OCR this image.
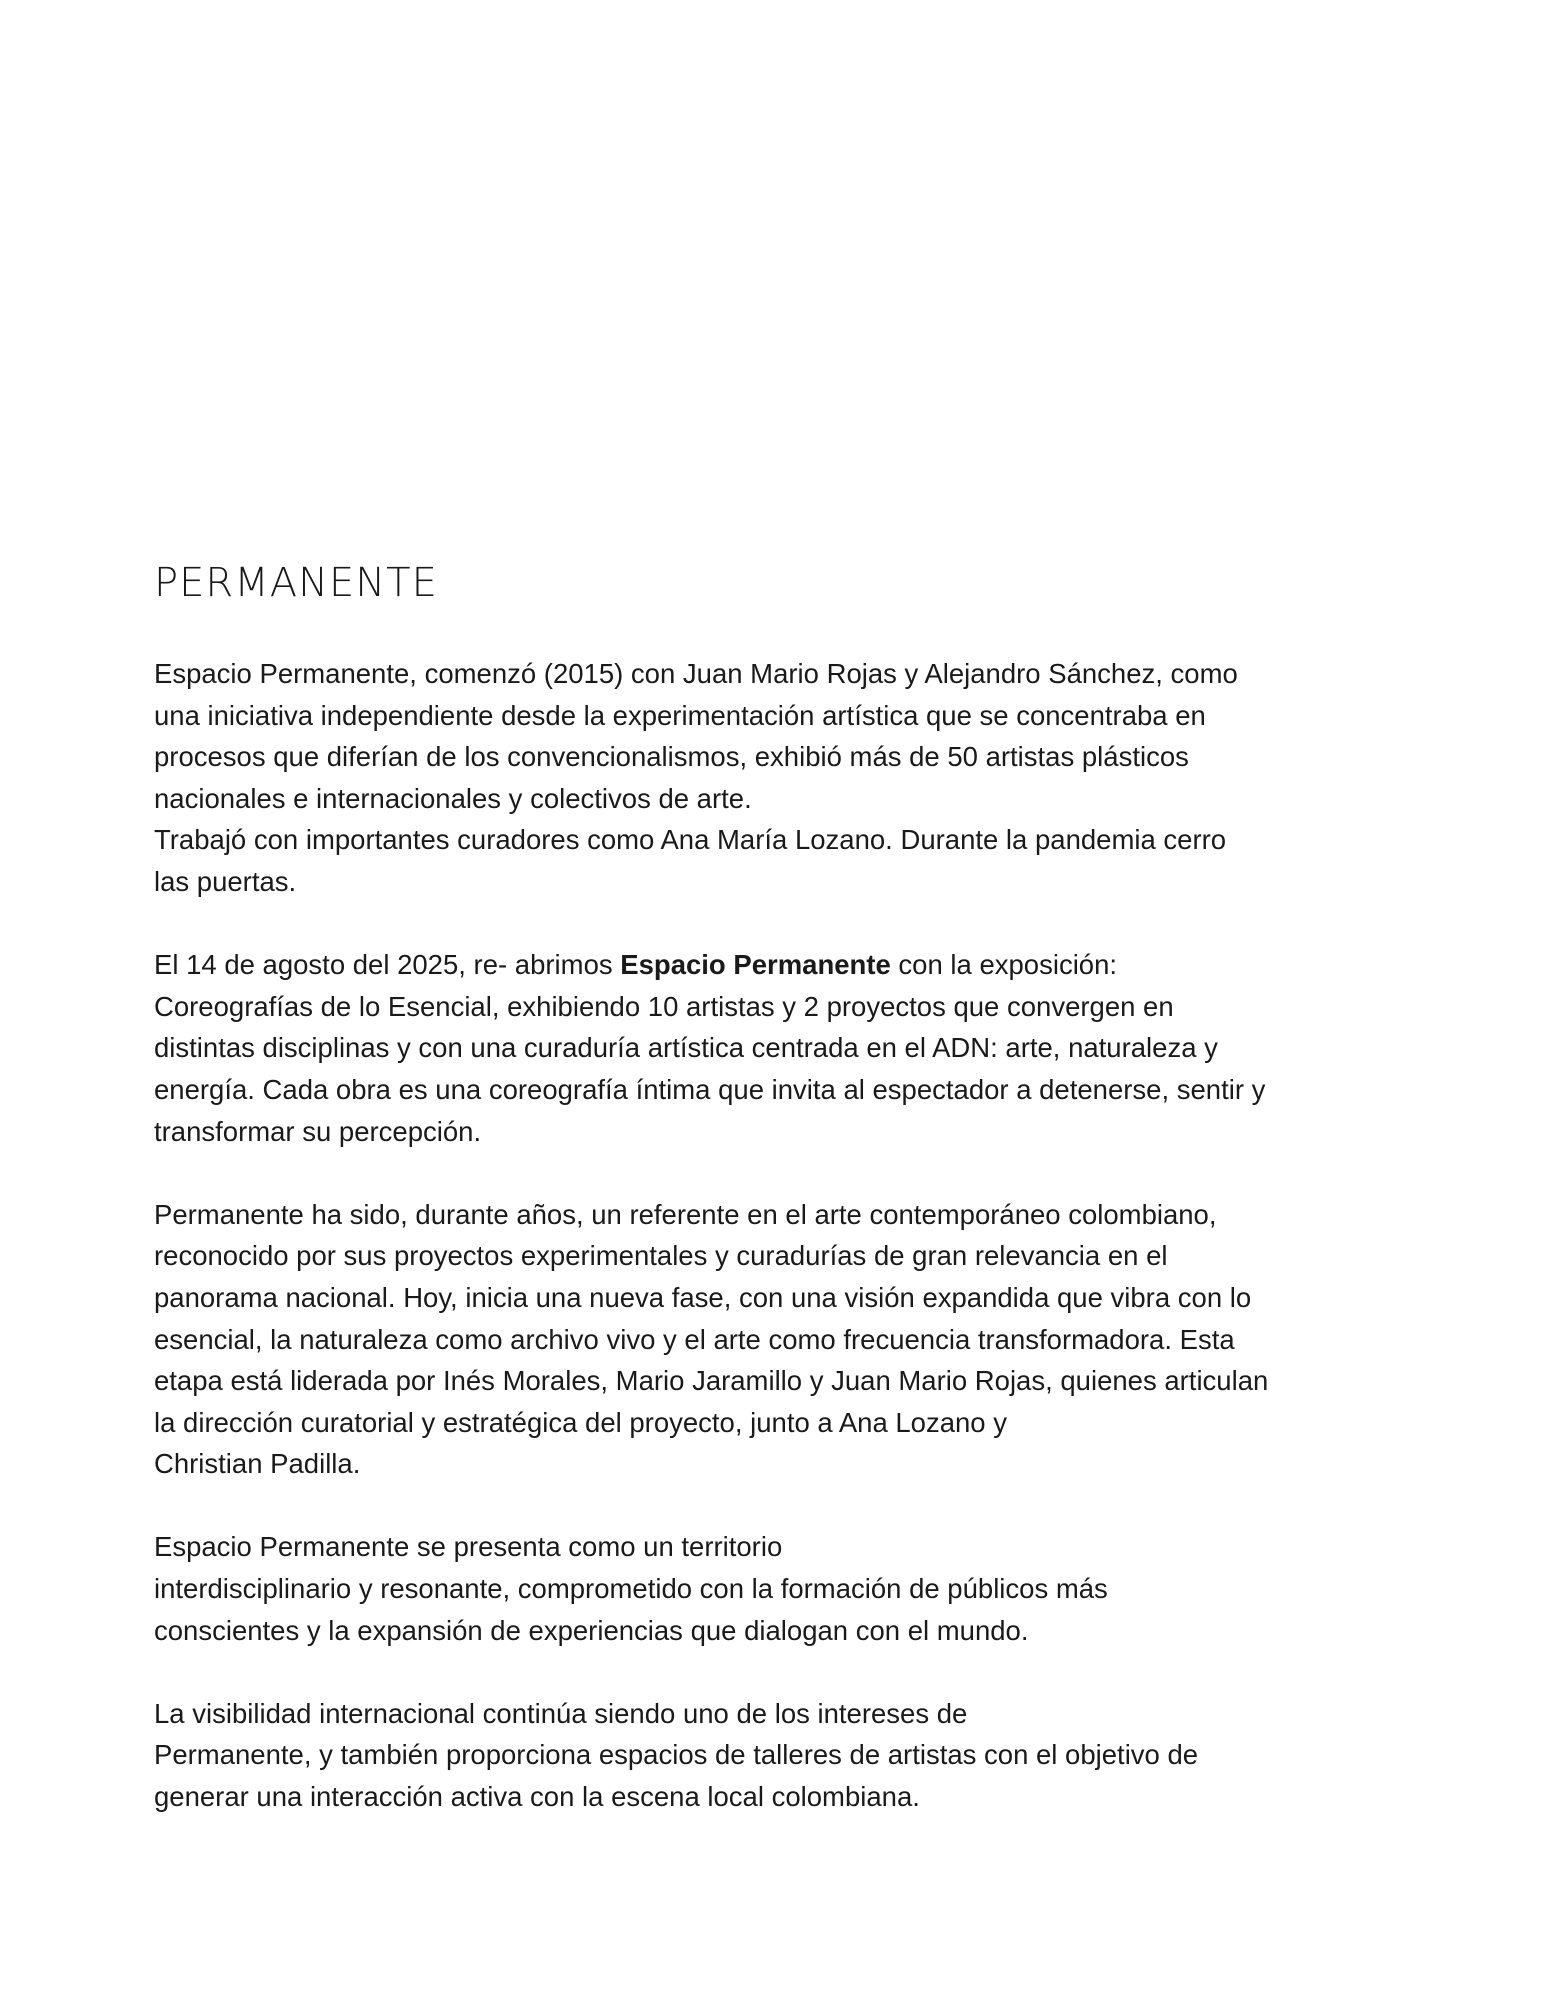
PERMANENTE

Espacio Permanente, comenzó (2015) con Juan Mario Rojas y Alejandro Sánchez, como
una iniciativa independiente desde la experimentación artística que se concentraba en
procesos que diferían de los convencionalismos, exhibió más de 50 artistas plásticos
nacionales e internacionales y colectivos de arte.
Trabajó con importantes curadores como Ana María Lozano. Durante la pandemia cerro
las puertas.

El 14 de agosto del 2025, re- abrimos Espacio Permanente con la exposición:
Coreografías de lo Esencial, exhibiendo 10 artistas y 2 proyectos que convergen en
distintas disciplinas y con una curaduría artística centrada en el ADN: arte, naturaleza y
energía. Cada obra es una coreografía íntima que invita al espectador a detenerse, sentir y
transformar su percepción.

Permanente ha sido, durante años, un referente en el arte contemporáneo colombiano,
reconocido por sus proyectos experimentales y curadurías de gran relevancia en el
panorama nacional. Hoy, inicia una nueva fase, con una visión expandida que vibra con lo
esencial, la naturaleza como archivo vivo y el arte como frecuencia transformadora. Esta
etapa está liderada por Inés Morales, Mario Jaramillo y Juan Mario Rojas, quienes articulan
la dirección curatorial y estratégica del proyecto, junto a Ana Lozano y
Christian Padilla.

Espacio Permanente se presenta como un territorio
interdisciplinario y resonante, comprometido con la formación de públicos más
conscientes y la expansión de experiencias que dialogan con el mundo.

La visibilidad internacional continúa siendo uno de los intereses de
Permanente, y también proporciona espacios de talleres de artistas con el objetivo de
generar una interacción activa con la escena local colombiana.
